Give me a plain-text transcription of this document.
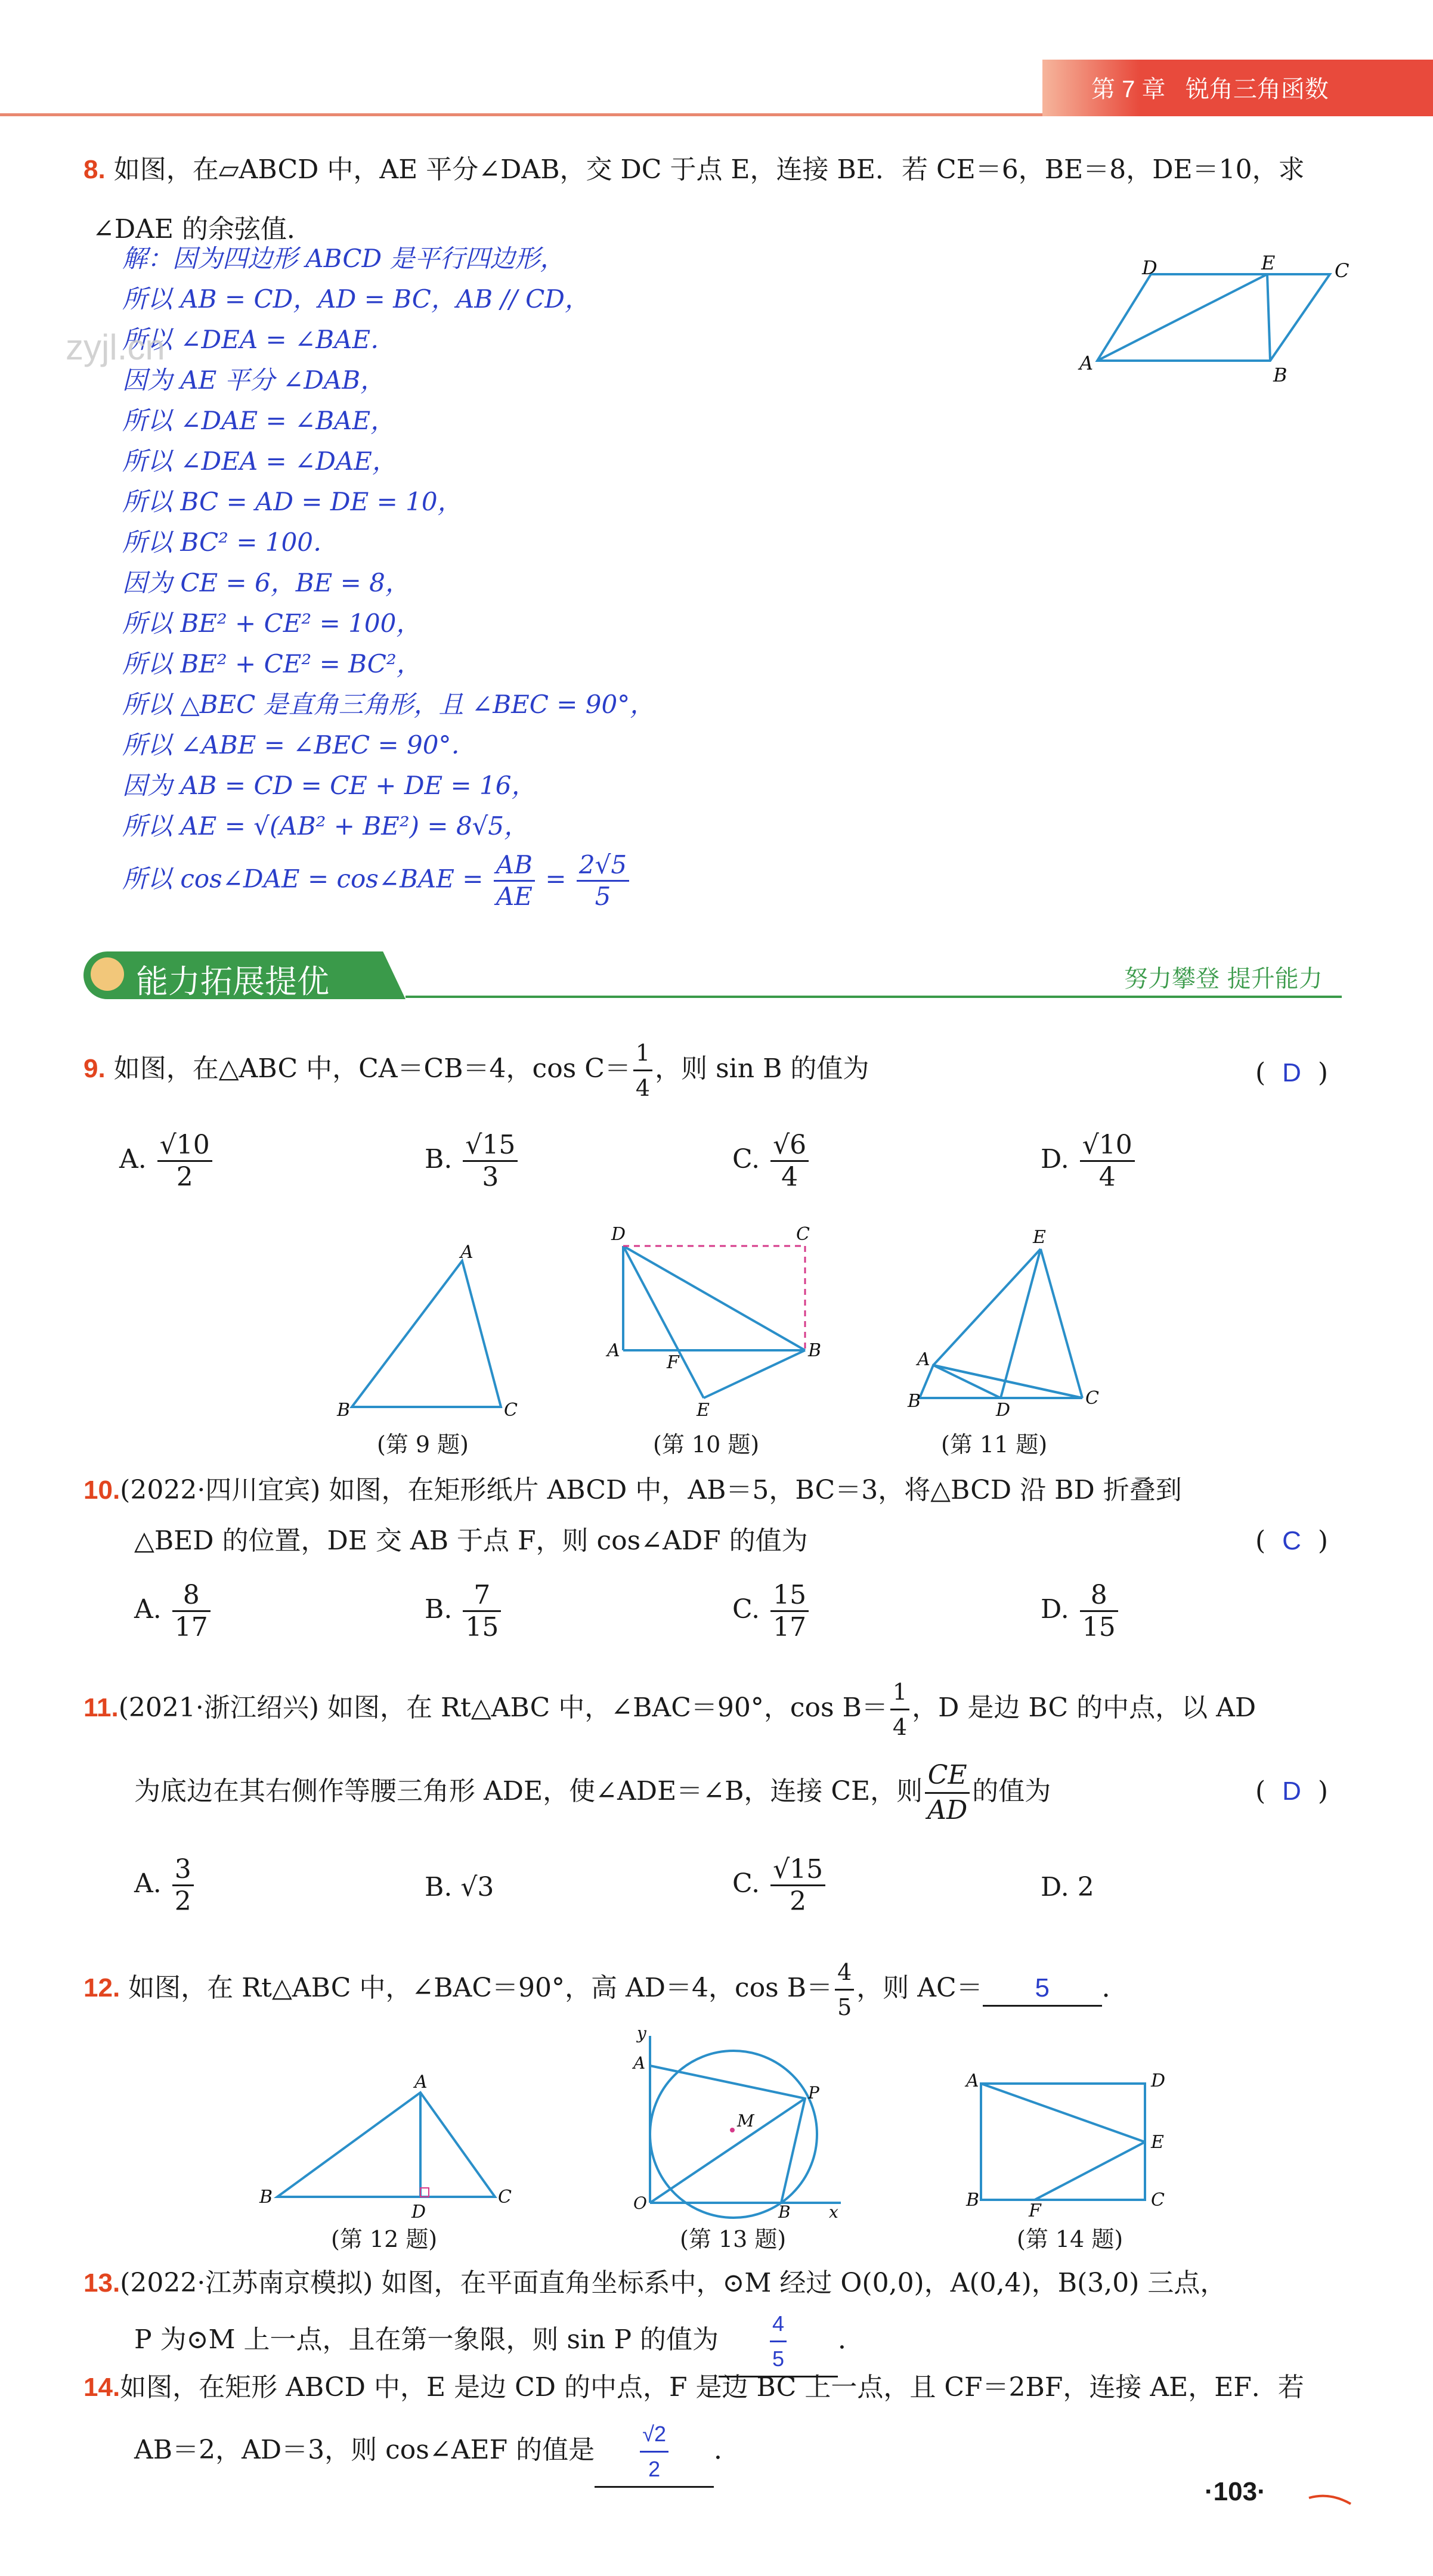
第 7 章 锐角三角函数
8. 如图，在▱ABCD 中，AE 平分∠DAB，交 DC 于点 E，连接 BE．若 CE＝6，BE＝8，DE＝10，求
∠DAE 的余弦值．
解：因为四边形 ABCD 是平行四边形，
所以 AB = CD，AD = BC，AB // CD，
所以 ∠DEA = ∠BAE．
因为 AE 平分 ∠DAB，
所以 ∠DAE = ∠BAE，
所以 ∠DEA = ∠DAE，
所以 BC = AD = DE = 10，
所以 BC² = 100．
因为 CE = 6，BE = 8，
所以 BE² + CE² = 100，
所以 BE² + CE² = BC²，
所以 △BEC 是直角三角形，且 ∠BEC = 90°，
所以 ∠ABE = ∠BEC = 90°．
因为 AB = CD = CE + DE = 16，
所以 AE = √(AB² + BE²) = 8√5，
所以 cos∠DAE = cos∠BAE = $\frac{AB}{AE} = \frac{2√5}{5}$
zyjl.cn	A
D	E	C
B
能力拓展提优	努力攀登 提升能力
9. 如图，在△ABC 中，CA＝CB＝4，$\cos C= \frac{1}{4}$ ，则 sin B 的值为	(  D  )
A. $\frac{√10}{2}$	B. $\frac{√15}{3}$	C. $\frac{√6}{4}$	D. $\frac{√10}{4}$
B
A
C
D	C
A
F
B
E
E
A
B	D
C
(第 9 题)	(第 10 题)	(第 11 题)
10.(2022·四川宜宾) 如图，在矩形纸片 ABCD 中，AB＝5，BC＝3，将△BCD 沿 BD 折叠到
△BED 的位置，DE 交 AB 于点 F，则 cos∠ADF 的值为	(  C  )
A. $\frac{8}{17}$	B. $\frac{7}{15}$	C. $\frac{15}{17}$	D. $\frac{8}{15}$
11.(2021·浙江绍兴) 如图，在 Rt△ABC 中，∠BAC＝90°，$\cos B= \frac{1}{4}$ ，D 是边 BC 的中点，以 AD
为底边在其右侧作等腰三角形 ADE，使∠ADE＝∠B，连接 CE，则 $\frac{CE}{AD}$ 的值为	(  D  )
A. $\frac{3}{2}$	B. √3	C. $\frac{√15}{2}$	D. 2
12. 如图，在 Rt△ABC 中，∠BAC＝90°，高 AD＝4，$\cos B= \frac{4}{5}$ ，则 AC＝ 5 ．
B
A
D
C
y
A
P
M
O	B x
A	D
E
B
F
C
(第 12 题)	(第 13 题)	(第 14 题)
13.(2022·江苏南京模拟) 如图，在平面直角坐标系中，⊙M 经过 O(0,0)，A(0,4)，B(3,0) 三点，
P 为⊙M 上一点，且在第一象限，则 sin P 的值为 $\frac{4}{5}$ ．
14.如图，在矩形 ABCD 中，E 是边 CD 的中点，F 是边 BC 上一点，且 CF＝2BF，连接 AE，EF．若
AB＝2，AD＝3，则 cos∠AEF 的值是 $\frac{√2}{2}$ ．
·103·
